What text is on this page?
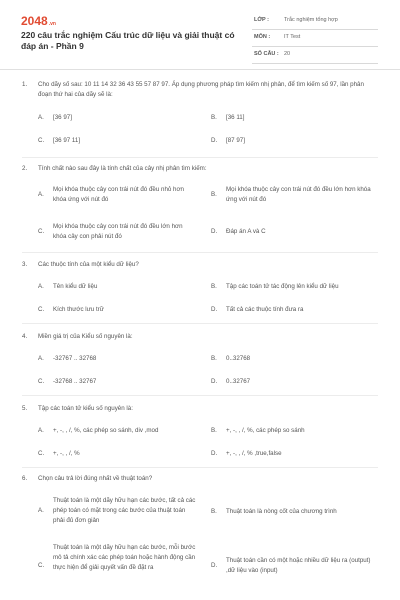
2048.vn
220 câu trắc nghiệm Cấu trúc dữ liệu và giải thuật có đáp án - Phần 9
LỚP :	Trắc nghiệm tổng hợp
MÔN :	IT Test
SỐ CÂU : 20
1. Cho dãy số sau: 10 11 14 32 36 43 55 57 87 97. Áp dụng phương pháp tìm kiếm nhị phân, để tìm kiếm số 97, lần phân đoạn thứ hai của dãy sẽ là:
A. [36 97]	B. [36 11]
C. [36 97 11]	D. [87 97]
2. Tính chất nào sau đây là tính chất của cây nhị phân tìm kiếm:
A.
Mọi khóa thuộc cây con trái nút đó đều nhỏ hơn khóa ứng với nút đó
B.
Mọi khóa thuộc cây con trái nút đó đều lớn hơn khóa ứng với nút đó
C.
Mọi khóa thuộc cây con trái nút đó đều lớn hơn khóa cây con phải nút đó
D. Đáp án A và C
3. Các thuộc tính của một kiểu dữ liệu?
A. Tên kiểu dữ liệu	B. Tập các toán tử tác động lên kiểu dữ liệu
C. Kích thước lưu trữ	D. Tất cả các thuộc tính đưa ra
4. Miền giá trị của Kiểu số nguyên là:
A. -32767 .. 32768	B. 0..32768
C. -32768 .. 32767	D. 0..32767
5. Tập các toán tử kiểu số nguyên là:
A. +, -, , /, %, các phép so sánh, div ,mod	B. +, -, , /, %, các phép so sánh
C. +, -, , /, %	D. +, -, , /, % ,true,false
6. Chọn câu trả lời đúng nhất về thuật toán?
A.
Thuật toán là một dãy hữu hạn các bước, tất cả các phép toán có mặt trong các bước của thuật toán phải đủ đơn giản
B. Thuật toán là nòng cốt của chương trình
C.
Thuật toán là một dãy hữu hạn các bước, mỗi bước mô tả chính xác các phép toán hoặc hành động cần thực hiện để giải quyết vấn đề đặt ra	D.
Thuật toán cần có một hoặc nhiều dữ liệu ra (output) ,dữ liệu vào (input)
